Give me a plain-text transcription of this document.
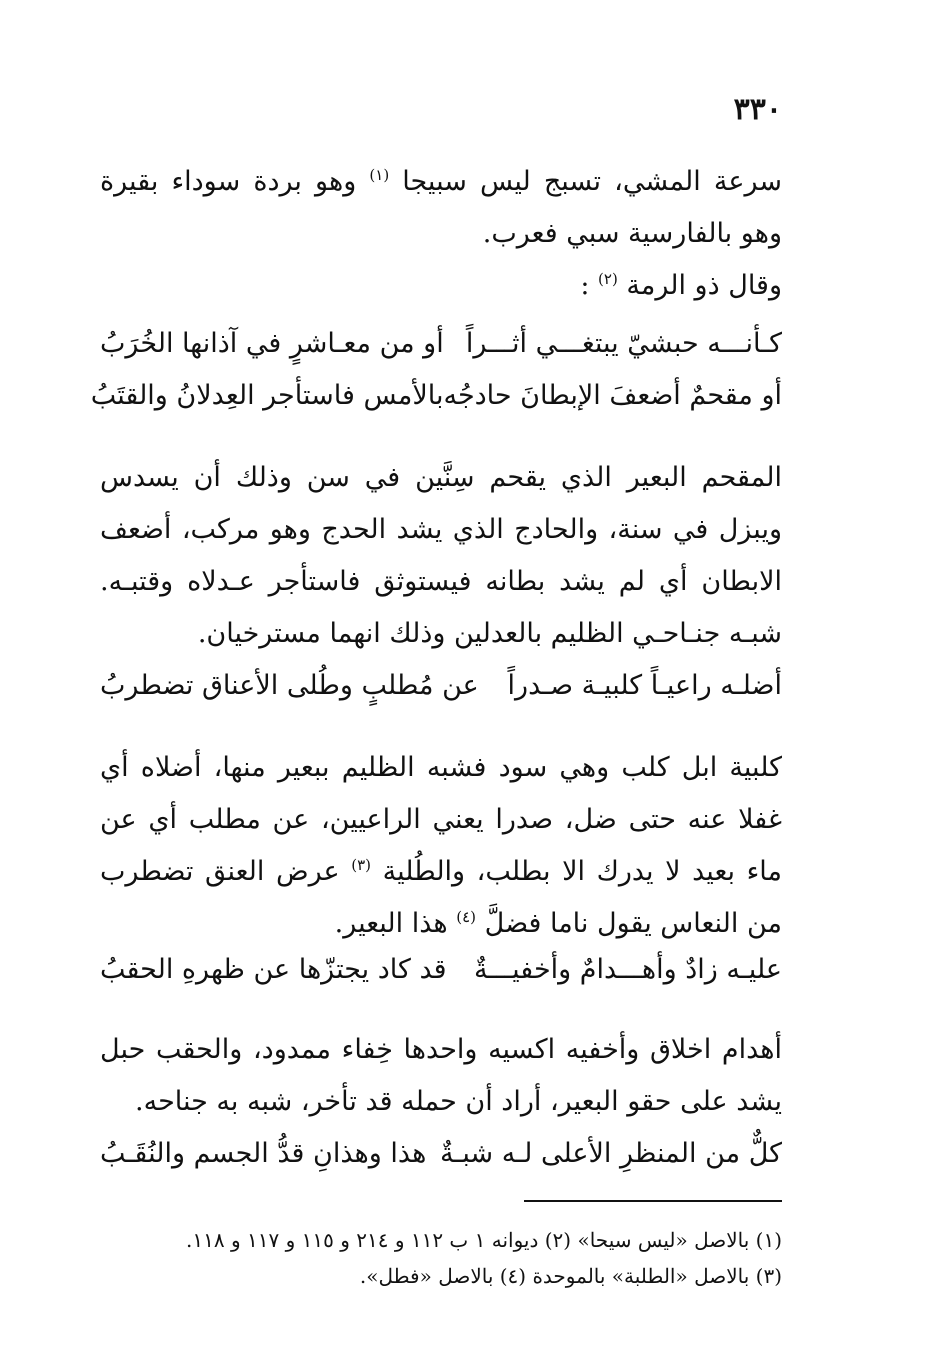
٣٣٠

سرعة المشي، تسبج ليس سبيجا $^{(١)}$ وهو بردة سوداء بقيرة وهو بالفارسية سبي فعرب.

وقال ذو الرمة $^{(٢)}$ :

كـأنـــه حبشيّ يبتغـــي أثـــراً
أو من معـاشرٍ في آذانها الخُرَبُ
أو مقحمٌ أضعفَ الإبطانَ حادجُه
بالأمس فاستأجر العِدلانُ والقتَبُ

المقحم البعير الذي يقحم سِنَّين في سن وذلك أن يسدس ويبزل في سنة، والحادج الذي يشد الحدج وهو مركب، أضعف الابطان أي لم يشد بطانه فيستوثق فاستأجر عـدلاه وقتبـه. شبـه جنـاحـي الظليم بالعدلين وذلك انهما مسترخيان.

أضلـه راعيـاً كلبيـة صـدراً
عن مُطلبٍ وطُلى الأعناق تضطربُ

كلبية ابل كلب وهي سود فشبه الظليم ببعير منها، أضلاه أي غفلا عنه حتى ضل، صدرا يعني الراعيين، عن مطلب أي عن ماء بعيد لا يدرك الا بطلب، والطُلية $^{(٣)}$ عرض العنق تضطرب من النعاس يقول ناما فضلَّ $^{(٤)}$ هذا البعير.

عليـه زادٌ وأهـــدامٌ وأخفيـــةٌ
قد كاد يجتزّها عن ظهرهِ الحقبُ

أهدام اخلاق وأخفيه اكسيه واحدها خِفاء ممدود، والحقب حبل يشد على حقو البعير، أراد أن حمله قد تأخر، شبه به جناحه.

كلٌّ من المنظرِ الأعلى لـه شبـةٌ
هذا وهذانِ قدُّ الجسم والنُقَـبُ
(١) بالاصل «ليس سيحا» (٢) ديوانه ١ ب ١١٢ و ٢١٤ و ١١٥ و ١١٧ و ١١٨.
(٣) بالاصل «الطلبة» بالموحدة (٤) بالاصل «فطل».
